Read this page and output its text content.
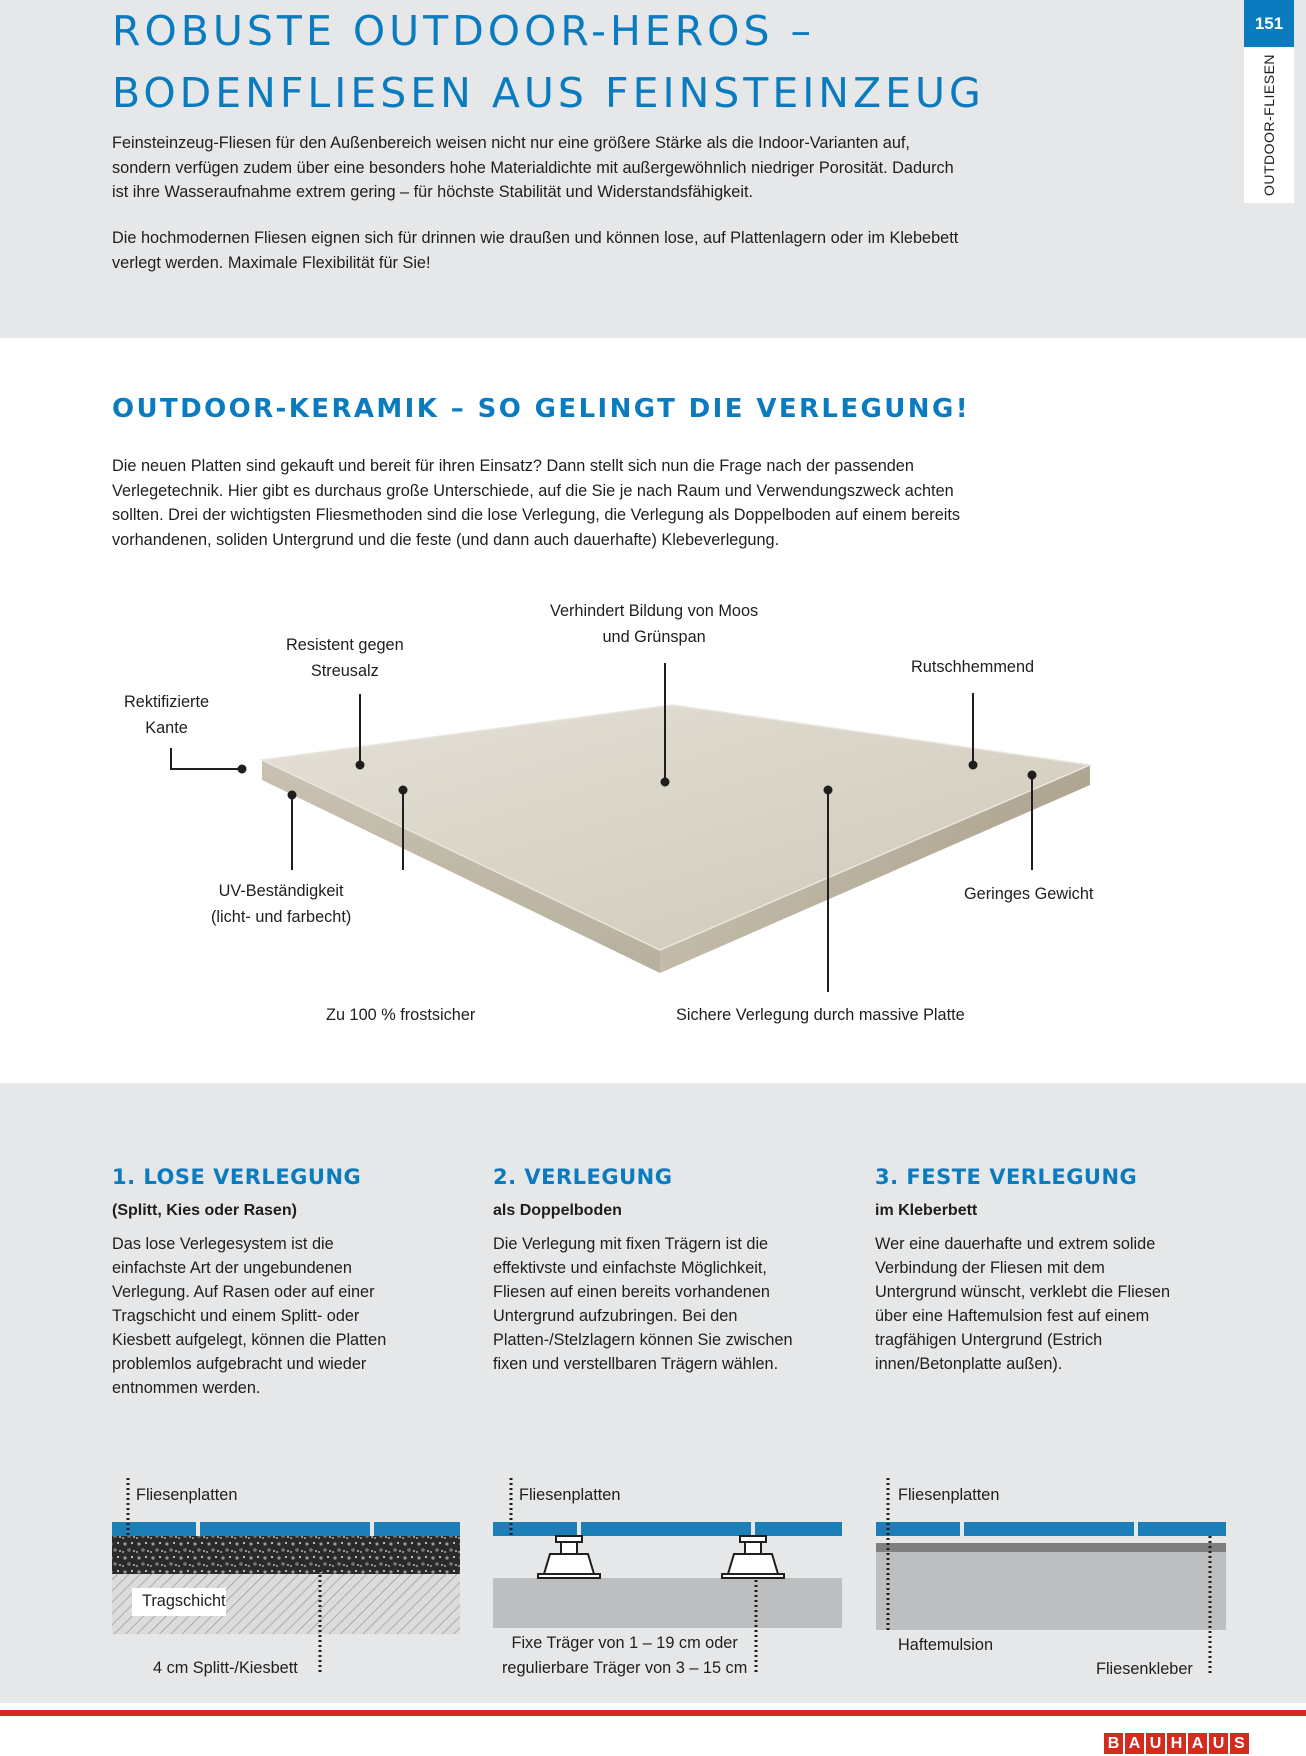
ROBUSTE OUTDOOR-HEROS –
BODENFLIESEN AUS FEINSTEINZEUG
151
OUTDOOR-FLIESEN

Feinsteinzeug-Fliesen für den Außenbereich weisen nicht nur eine größere Stärke als die Indoor-Varianten auf, sondern verfügen zudem über eine besonders hohe Materialdichte mit außergewöhnlich niedriger Porosität. Dadurch ist ihre Wasseraufnahme extrem gering – für höchste Stabilität und Widerstandsfähigkeit.

Die hochmodernen Fliesen eignen sich für drinnen wie draußen und können lose, auf Plattenlagern oder im Klebebett verlegt werden. Maximale Flexibilität für Sie!

OUTDOOR-KERAMIK – SO GELINGT DIE VERLEGUNG!

Die neuen Platten sind gekauft und bereit für ihren Einsatz? Dann stellt sich nun die Frage nach der passenden Verlegetechnik. Hier gibt es durchaus große Unterschiede, auf die Sie je nach Raum und Verwendungszweck achten sollten. Drei der wichtigsten Fliesmethoden sind die lose Verlegung, die Verlegung als Doppelboden auf einem bereits vorhandenen, soliden Untergrund und die feste (und dann auch dauerhafte) Klebeverlegung.

Verhindert Bildung von Moos
und Grünspan
Resistent gegen
Streusalz	Rutschhemmend
Rektifizierte
Kante
UV-Beständigkeit
(licht- und farbecht)
Geringes Gewicht
Zu 100 % frostsicher	Sichere Verlegung durch massive Platte
1. LOSE VERLEGUNG
(Splitt, Kies oder Rasen)

Das lose Verlegesystem ist die einfachste Art der ungebundenen Verlegung. Auf Rasen oder auf einer Tragschicht und einem Splitt- oder Kiesbett aufgelegt, können die Platten problemlos aufgebracht und wieder entnommen werden.

2. VERLEGUNG
als Doppelboden

Die Verlegung mit fixen Trägern ist die effektivste und einfachste Möglichkeit, Fliesen auf einen bereits vorhandenen Untergrund aufzubringen. Bei den Platten-/Stelzlagern können Sie zwischen fixen und verstellbaren Trägern wählen.

3. FESTE VERLEGUNG
im Kleberbett

Wer eine dauerhafte und extrem solide Verbindung der Fliesen mit dem Untergrund wünscht, verklebt die Fliesen über eine Haftemulsion fest auf einem tragfähigen Untergrund (Estrich innen/Betonplatte außen).

Fliesenplatten
Tragschicht
4 cm Splitt-/Kiesbett
Fliesenplatten
Fixe Träger von 1 – 19 cm oder
regulierbare Träger von 3 – 15 cm
Fliesenplatten
Haftemulsion
Fliesenkleber
B A U H A U S
